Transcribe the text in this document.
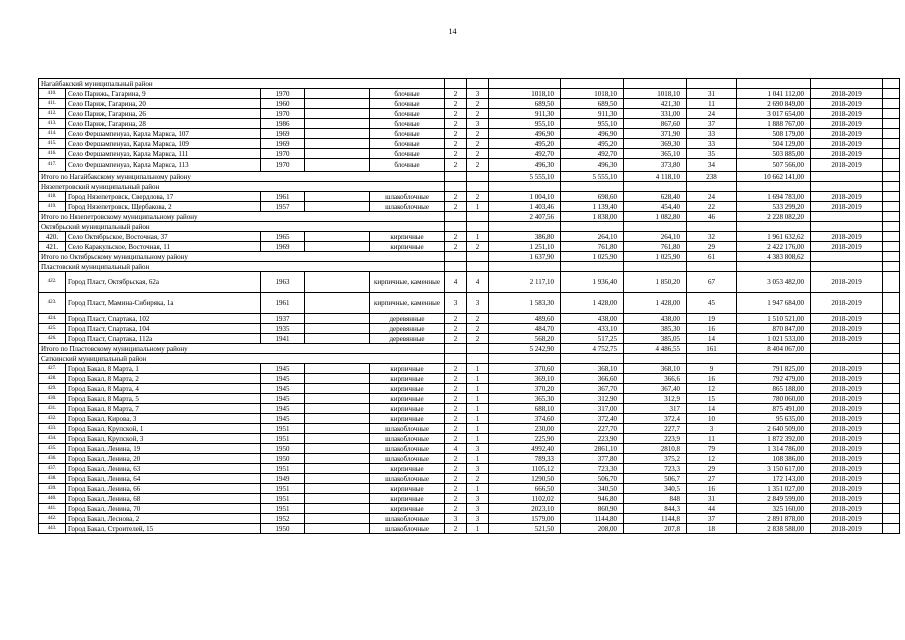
14
Нагайбакский муниципальный район													
410.	Село Парижь, Гагарина, 9	1970		блочные	2	3	1018,10	1018,10	1018,10	31	1 041 112,00	2018-2019	
411.	Село Париж, Гагарина, 20	1960		блочные	2	2	689,50	689,50	421,30	11	2 690 849,00	2018-2019	
412.	Село Париж, Гагарина, 26	1970		блочные	2	2	911,30	911,30	331,00	24	3 017 654,00	2018-2019	
413.	Село Париж, Гагарина, 28	1986		блочные	2	3	955,10	955,10	867,60	37	1 888 767,00	2018-2019	
414.	Село Фершампенуаз, Карла Маркса, 107	1969		блочные	2	2	496,90	496,90	371,90	33	508 179,00	2018-2019	
415.	Село Фершампенуаз, Карла Маркса, 109	1969		блочные	2	2	495,20	495,20	369,30	33	504 129,00	2018-2019	
416.	Село Фершампенуаз, Карла Маркса, 111	1970		блочные	2	2	492,70	492,70	365,10	35	503 885,00	2018-2019	
417.	Село Фершампенуаз, Карла Маркса, 113	1970		блочные	2	2	496,30	496,30	373,80	34	507 566,00	2018-2019	
Итого по Нагайбакскому муниципальному району							5 555,10	5 555,10	4 118,10	238	10 662 141,00		
Нязепетровский муниципальный район													
418.	Город Нязепетровск, Свердлова, 17	1961		шлакоблочные	2	2	1 004,10	698,60	628,40	24	1 694 783,00	2018-2019	
419.	Город Нязепетровск, Щербакова, 2	1957		шлакоблочные	2	1	1 403,46	1 139,40	454,40	22	533 299,20	2018-2019	
Итого по Нязепетровскому муниципальному району							2 407,56	1 838,00	1 082,80	46	2 228 082,20		
Октябрьский муниципальный район													
420.	Село Октябрьское, Восточная, 37	1965		кирпичные	2	1	386,80	264,10	264,10	32	1 961 632,62	2018-2019	
421.	Село Каракульское, Восточная, 11	1969		кирпичные	2	2	1 251,10	761,80	761,80	29	2 422 176,00	2018-2019	
Итого по Октябрьскому муниципальному району							1 637,90	1 025,90	1 025,90	61	4 383 808,62		
Пластовский муниципальный район													
422.	Город Пласт, Октябрьская, 62а	1963		кирпичные, каменные	4	4	2 117,10	1 936,40	1 850,20	67	3 053 482,00	2018-2019	
423.	Город Пласт, Мамина-Сибиряка, 1а	1961		кирпичные, каменные	3	3	1 583,30	1 428,00	1 428,00	45	1 947 684,00	2018-2019	
424.	Город Пласт, Спартака, 102	1937		деревянные	2	2	489,60	438,00	438,00	19	1 510 521,00	2018-2019	
425.	Город Пласт, Спартака, 104	1935		деревянные	2	2	484,70	433,10	385,30	16	870 847,00	2018-2019	
426.	Город Пласт, Спартака, 112а	1941		деревянные	2	2	568,20	517,25	385,05	14	1 021 533,00	2018-2019	
Итого по Пластовскому муниципальному району							5 242,90	4 752,75	4 486,55	161	8 404 067,00		
Саткинский муниципальный район													
427.	Город Бакал, 8 Марта, 1	1945		кирпичные	2	1	370,60	368,10	368,10	9	791 825,00	2018-2019	
428.	Город Бакал, 8 Марта, 2	1945		кирпичные	2	1	369,10	366,60	366,6	16	792 479,00	2018-2019	
429.	Город Бакал, 8 Марта, 4	1945		кирпичные	2	1	370,20	367,70	367,40	12	865 188,00	2018-2019	
430.	Город Бакал, 8 Марта, 5	1945		кирпичные	2	1	365,30	312,90	312,9	15	780 060,00	2018-2019	
431.	Город Бакал, 8 Марта, 7	1945		кирпичные	2	1	688,10	317,00	317	14	875 491,00	2018-2019	
432.	Город Бакал, Кирова, 3	1945		кирпичные	2	1	374,60	372,40	372,4	10	95 635,00	2018-2019	
433.	Город Бакал, Крупской, 1	1951		шлакоблочные	2	1	230,00	227,70	227,7	3	2 640 509,00	2018-2019	
434.	Город Бакал, Крупской, 3	1951		шлакоблочные	2	1	225,90	223,90	223,9	11	1 872 392,00	2018-2019	
435.	Город Бакал, Ленина, 19	1950		шлакоблочные	4	3	4992,40	2861,10	2810,8	79	1 314 786,00	2018-2019	
436.	Город Бакал, Ленина, 20	1950		шлакоблочные	2	1	789,33	377,80	375,2	12	108 386,00	2018-2019	
437.	Город Бакал, Ленина, 63	1951		кирпичные	2	3	1105,12	723,30	723,3	29	3 150 617,00	2018-2019	
438.	Город Бакал, Ленина, 64	1949		шлакоблочные	2	2	1290,50	506,70	506,7	27	172 143,00	2018-2019	
439.	Город Бакал, Ленина, 66	1951		кирпичные	2	1	666,50	340,50	340,5	16	1 351 027,00	2018-2019	
440.	Город Бакал, Ленина, 68	1951		кирпичные	2	3	1102,02	946,80	848	31	2 849 599,00	2018-2019	
441.	Город Бакал, Ленина, 70	1951		кирпичные	2	3	2023,10	860,90	844,3	44	325 160,00	2018-2019	
442.	Город Бакал, Леснова, 2	1952		шлакоблочные	3	3	1579,00	1144,80	1144,8	37	2 891 878,00	2018-2019	
443.	Город Бакал, Строителей, 15	1950		шлакоблочные	2	1	521,50	208,00	207,8	18	2 838 588,00	2018-2019	
